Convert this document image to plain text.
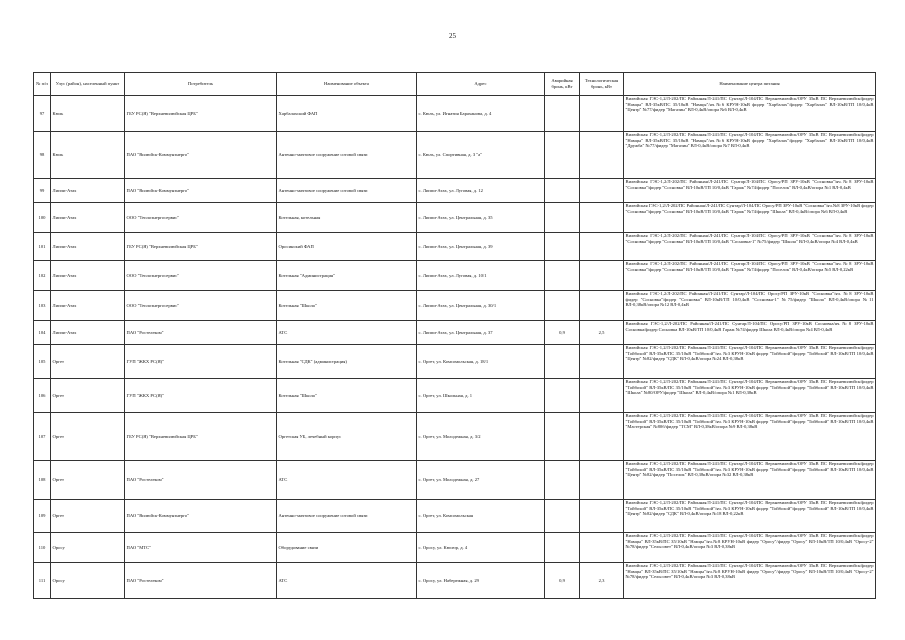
25
№ п/п	Улус (район), населенный пункт	Потребитель	Наименование объекта	Адрес	Аварийная бронь, кВт	Технологическая бронь, кВт	Наименование центра питания
97	Кюль	ГБУ РС(Я) "Верхневилюйская ЦРБ"	Харбалахский ФАП	с. Кюль, ул. Игнатия Бараханова, д. 4			Вилюйская ГЭС-1,2/Л-202/ПС Районная/Л-241/ПС Сунтар/Л-104/ПС Верхневилюйск/ОРУ 35кВ ПС Верхневилюйск/фидер "Намцы" ВЛ-35кВ/ПС 35/10кВ "Намцы"/яч.№6 КРУН-10кВ фидер "Харбалах"/фидер "Харбалах" ВЛ-10кВ/ТП 10/0,4кВ "Центр" №77/фидер "Магазин" ВЛ-0,4кВ/опора №6 ВЛ-0,4кВ
98	Кюль	ПАО "Вилюйск-Коммунэнерго"	Антенно-мачтовое сооружение сотовой связи	с. Кюль, ул. Спортивная, д. 3 "а"			Вилюйская ГЭС-1,2/Л-202/ПС Районная/Л-241/ПС Сунтар/Л-104/ПС Верхневилюйск/ОРУ 35кВ ПС Верхневилюйск/фидер "Намцы" ВЛ-35кВ/ПС 35/10кВ "Намцы"/яч.№6 КРУН-10кВ фидер "Харбалах"/фидер "Харбалах" ВЛ-10кВ/ТП 10/0,4кВ "Дружба" №77/фидер "Магазин" ВЛ-0,4кВ/опора №7 ВЛ-0,4кВ
99	Липпи-Атах	ПАО "Вилюйск-Коммунэнерго"	Антенно-мачтовое сооружение сотовой связи	с. Липпи-Атах, ул. Луговая, д. 12			Вилюйская ГЭС-1,2/Л-202/ПС Районная/Л-241/ПС Сунтар/Л-104/ПС Оросу/РП ЗРУ-10кВ "Сосновка"/яч.№8 ЗРУ-10кВ "Сосновка"/фидер "Сосновка" ВЛ-10кВ/ТП 10/0,4кВ "Гараж" №74/фидер "Поселок" ВЛ-0,4кВ/опора №1 ВЛ-0,4кВ
100	Липпи-Атах	ООО "Теплоэнергосервис"	Котельная, котельная	с. Липпи-Атах, ул. Центральная, д. 35			Вилюйская ГЭС-1,2/Л-202/ПС Районная/Л-241/ПС Сунтар/Л-104/ПС Оросу/РП ЗРУ-10кВ "Сосновка"/яч.№8 ЗРУ-10кВ фидер "Сосновка"/фидер "Сосновка" ВЛ-10кВ/ТП 10/0,4кВ "Гараж" №74/фидер "Школа" ВЛ-0,4кВ/опора №6 ВЛ-0,4кВ
101	Липпи-Атах	ГБУ РС(Я) "Верхневилюйская ЦРБ"	Оросинский ФАП	с. Липпи-Атах, ул. Центральная, д. 39			Вилюйская ГЭС-1,2/Л-202/ПС Районная/Л-241/ПС Сунтар/Л-104/ПС Оросу/РП ЗРУ-10кВ "Сосновка"/яч.№8 ЗРУ-10кВ "Сосновка"/фидер "Сосновка" ВЛ-10кВ/ТП 10/0,4кВ "Сосновка-1" №75/фидер "Школа" ВЛ-0,4кВ/опора №4 ВЛ-0,4кВ
102	Липпи-Атах	ООО "Теплоэнергосервис"	Котельная "Администрация"	с. Липпи-Атах, ул. Луговая, д. 10/1			Вилюйская ГЭС-1,2/Л-202/ПС Районная/Л-241/ПС Сунтар/Л-104/ПС Оросу/РП ЗРУ-10кВ "Сосновка"/яч.№8 ЗРУ-10кВ "Сосновка"/фидер "Сосновка" ВЛ-10кВ/ТП 10/0,4кВ "Гараж" №74/фидер "Поселок" ВЛ-0,4кВ/опора №5 ВЛ-0,22кВ
103	Липпи-Атах	ООО "Теплоэнергосервис"	Котельная "Школа"	с. Липпи-Атах, ул. Центральная, д. 30/1			Вилюйская ГЭС-1,2/Л-202/ПС Районная/Л-241/ПС Сунтар/Л-104/ПС Оросу/РП ЗРУ-10кВ "Сосновка"/яч. №8 ЗРУ-10кВ фидер "Сосновка"/фидер "Сосновка" ВЛ-10кВ/ТП 10/0,4кВ "Сосновка-1" №75/фидер "Школа" ВЛ-0,4кВ/опора №11 ВЛ-0,38кВ/опора №12 ВЛ-0,4кВ
104	Липпи-Атах	ПАО "Ростелеком"	АТС	с. Липпи-Атах, ул. Центральная, д. 37	0,9	2,5	Вилюйская ГЭС-1,2/Л-202/ПС Районная/Л-241/ПС Сунтар/Л-104/ПС Оросу/РП ЗРУ-10кВ Сосновка/яч.№8 ЗРУ-10кВ Сосновка/фидер Сосновка ВЛ-10кВ/ТП 10/0,4кВ Гараж №74/фидер Школа ВЛ-0,4кВ/опора №4 ВЛ-0,4кВ
105	Оргет	ГУП "ЖКХ РС(Я)"	Котельная "СДК" (администрация)	с. Оргет, ул. Комсомольская, д. 18/1			Вилюйская ГЭС-1,2/Л-202/ПС Районная/Л-241/ПС Сунтар/Л-104/ПС Верхневилюйск/ОРУ 35кВ ПС Верхневилюйск/фидер "Тойбохой" ВЛ-35кВ/ПС 35/10кВ "Тойбохой"/яч. №3 КРУН-10кВ фидер "Тойбохой"/фидер "Тойбохой" ВЛ-10кВ/ТП 10/0,4кВ "Центр" №82/фидер "СДК" ВЛ-0,4кВ/опора №24 ВЛ-0,38кВ
106	Оргет	ГУП "ЖКХ РС(Я)"	Котельная "Школа"	с. Оргет, ул. Школьная, д. 1			Вилюйская ГЭС-1,2/Л-202/ПС Районная/Л-241/ПС Сунтар/Л-104/ПС Верхневилюйск/ОРУ 35кВ ПС Верхневилюйск/фидер "Тойбохой" ВЛ-35кВ/ПС 35/10кВ "Тойбохой"/яч. №3 КРУН-10кВ фидер "Тойбохой"/фидер "Тойбохой" ВЛ-10кВ/ТП 10/0,4кВ "Школа" №80/ОРУ/фидер "Школа" ВЛ-0,4кВ/опора №1 ВЛ-0,38кВ
107	Оргет	ГБУ РС(Я) "Верхневилюйская ЦРБ"	Оргетская УБ, лечебный корпус	с. Оргет, ул. Молодежная, д. 3/2			Вилюйская ГЭС-1,2/Л-202/ПС Районная/Л-241/ПС Сунтар/Л-104/ПС Верхневилюйск/ОРУ 35кВ ПС Верхневилюйск/фидер "Тойбохой" ВЛ-35кВ/ПС 35/10кВ "Тойбохой"/яч. №3 КРУН-10кВ фидер "Тойбохой"/фидер "Тойбохой" ВЛ-10кВ/ТП 10/0,4кВ "Мастерская" №80б/фидер "ТСМ" ВЛ-0,38кВ/опора №9 ВЛ-0,38кВ
108	Оргет	ПАО "Ростелеком"	АТС	с. Оргет, ул. Молодежная, д. 27			Вилюйская ГЭС-1,2/Л-202/ПС Районная/Л-241/ПС Сунтар/Л-104/ПС Верхневилюйск/ОРУ 35кВ ПС Верхневилюйск/фидер "Тойбохой" ВЛ-35кВ/ПС 35/10кВ "Тойбохой"/яч. №3 КРУН-10кВ фидер "Тойбохой"/фидер "Тойбохой" ВЛ-10кВ/ТП 10/0,4кВ "Центр" №82/фидер "Поселок" ВЛ-0,38кВ/опора №32 ВЛ-0,38кВ
109	Оргет	ПАО "Вилюйск-Коммунэнерго"	Антенно-мачтовое сооружение сотовой связи	с. Оргет, ул. Комсомольская			Вилюйская ГЭС-1,2/Л-202/ПС Районная/Л-241/ПС Сунтар/Л-104/ПС Верхневилюйск/ОРУ 35кВ ПС Верхневилюйск/фидер "Тойбохой" ВЛ-35кВ/ПС 35/10кВ "Тойбохой"/яч. №3 КРУН-10кВ фидер "Тойбохой"/фидер "Тойбохой" ВЛ-10кВ/ТП 10/0,4кВ "Центр" №82/фидер "СДК" ВЛ-0,4кВ/опора №18 ВЛ-0,22кВ
110	Оросу	ПАО "МТС"	Оборудование связи	с. Оросу, ул. Кюсюр, д. 4			Вилюйская ГЭС-1,2/Л-202/ПС Районная/Л-241/ПС Сунтар/Л-104/ПС Верхневилюйск/ОРУ 35кВ ПС Верхневилюйск/фидер "Намцы" ВЛ-35кВ/ПС 35/10кВ "Намцы"/яч.№8 КРУН-10кВ фидер "Оросу"/фидер "Оросу" ВЛ-10кВ/ТП 10/0,4кВ "Оросу-2" №78/фидер "Сельсовет" ВЛ-0,4кВ/опора №3 ВЛ-0,38кВ
111	Оросу	ПАО "Ростелеком"	АТС	с. Оросу, ул. Набережная, д. 29	0,9	2,3	Вилюйская ГЭС-1,2/Л-202/ПС Районная/Л-241/ПС Сунтар/Л-104/ПС Верхневилюйск/ОРУ 35кВ ПС Верхневилюйск/фидер "Намцы" ВЛ-35кВ/ПС 35/10кВ "Намцы"/яч.№8 КРУН-10кВ фидер "Оросу"/фидер "Оросу" ВЛ-10кВ/ТП 10/0,4кВ "Оросу-2" №78/фидер "Сельсовет" ВЛ-0,4кВ/опора №3 ВЛ-0,38кВ
